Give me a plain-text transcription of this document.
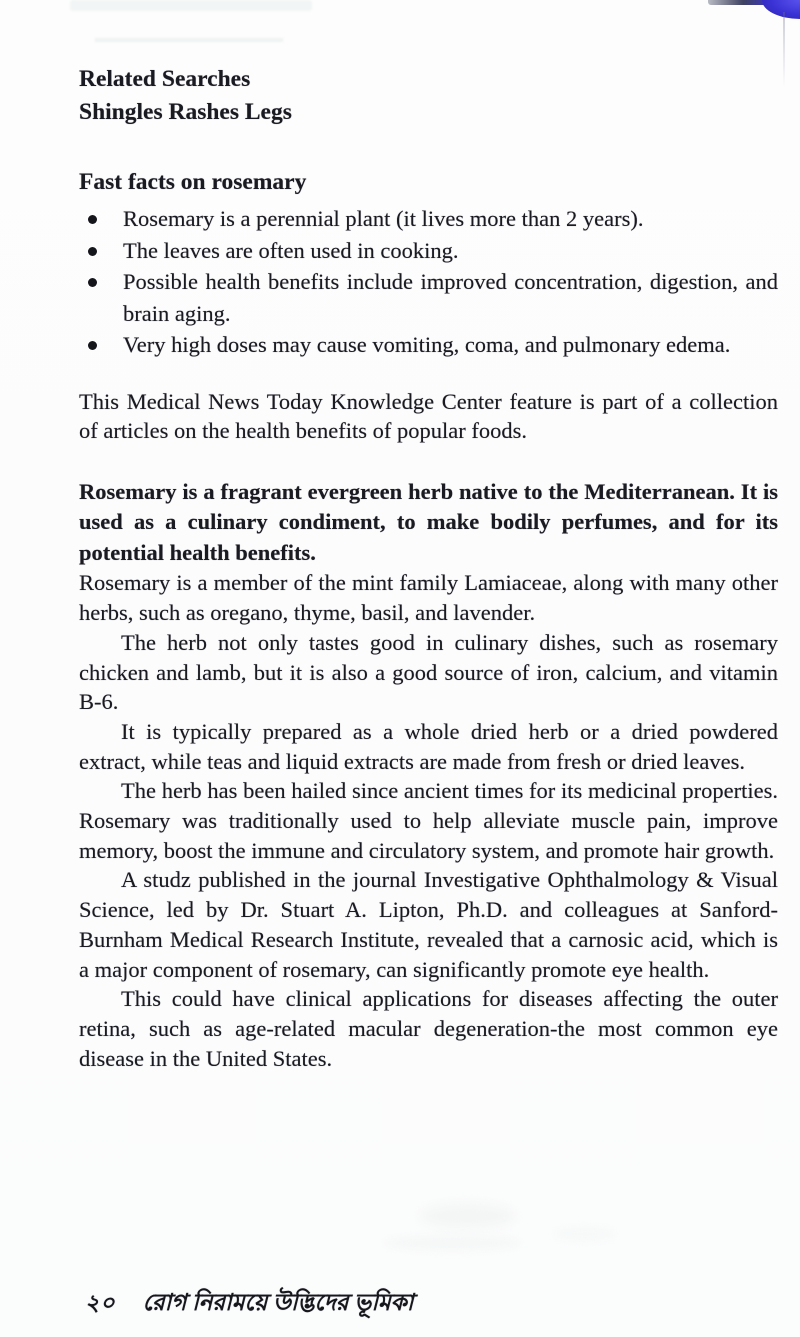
Related Searches
Shingles Rashes Legs
Fast facts on rosemary
Rosemary is a perennial plant (it lives more than 2 years).
The leaves are often used in cooking.
Possible health benefits include improved concentration, digestion, and brain aging.
Very high doses may cause vomiting, coma, and pulmonary edema.

This Medical News Today Knowledge Center feature is part of a collection of articles on the health benefits of popular foods.

Rosemary is a fragrant evergreen herb native to the Mediterranean. It is used as a culinary condiment, to make bodily perfumes, and for its potential health benefits.

Rosemary is a member of the mint family Lamiaceae, along with many other herbs, such as oregano, thyme, basil, and lavender.

The herb not only tastes good in culinary dishes, such as rosemary chicken and lamb, but it is also a good source of iron, calcium, and vitamin B-6.

It is typically prepared as a whole dried herb or a dried powdered extract, while teas and liquid extracts are made from fresh or dried leaves.

The herb has been hailed since ancient times for its medicinal properties. Rosemary was traditionally used to help alleviate muscle pain, improve memory, boost the immune and circulatory system, and promote hair growth.

A studz published in the journal Investigative Ophthalmology & Visual Science, led by Dr. Stuart A. Lipton, Ph.D. and colleagues at Sanford-Burnham Medical Research Institute, revealed that a carnosic acid, which is a major component of rosemary, can significantly promote eye health.

This could have clinical applications for diseases affecting the outer retina, such as age-related macular degeneration-the most common eye disease in the United States.

২০ রোগ নিরাময়ে উদ্ভিদের ভূমিকা
